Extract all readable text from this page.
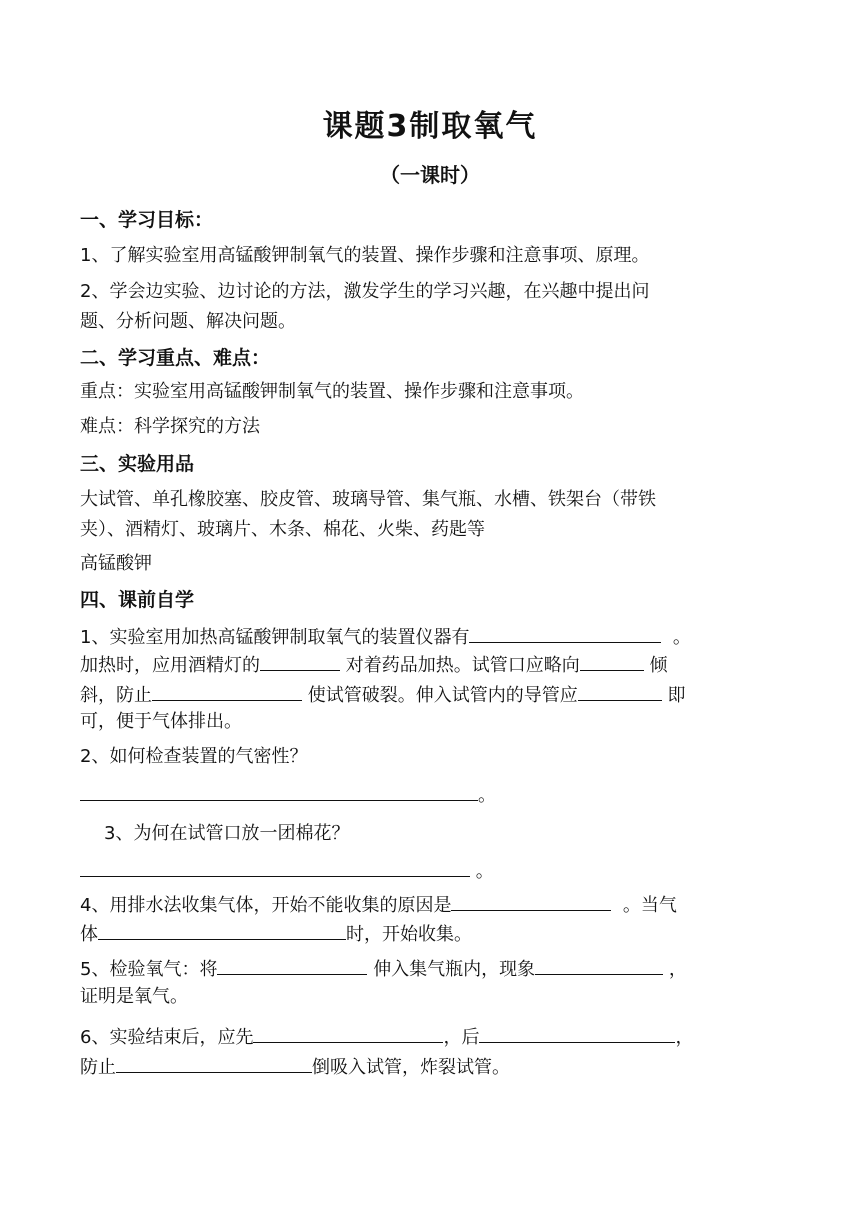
课题3制取氧气
（一课时）
一、学习目标：
1、了解实验室用高锰酸钾制氧气的装置、操作步骤和注意事项、原理。
2、学会边实验、边讨论的方法，激发学生的学习兴趣，在兴趣中提出问
题、分析问题、解决问题。
二、学习重点、难点：
重点：实验室用高锰酸钾制氧气的装置、操作步骤和注意事项。
难点：科学探究的方法
三、实验用品
大试管、单孔橡胶塞、胶皮管、玻璃导管、集气瓶、水槽、铁架台（带铁
夹）、酒精灯、玻璃片、木条、棉花、火柴、药匙等
高锰酸钾
四、课前自学
1、实验室用加热高锰酸钾制取氧气的装置仪器有	。
加热时，应用酒精灯的	对着药品加热。试管口应略向	倾
斜，防止	使试管破裂。伸入试管内的导管应	即
可，便于气体排出。
2、如何检查装置的气密性？
。
3、为何在试管口放一团棉花？
。
4、用排水法收集气体，开始不能收集的原因是	。当气
体	时，开始收集。
5、检验氧气：将	伸入集气瓶内，现象	，
证明是氧气。
6、实验结束后，应先	，后	，
防止	倒吸入试管，炸裂试管。
